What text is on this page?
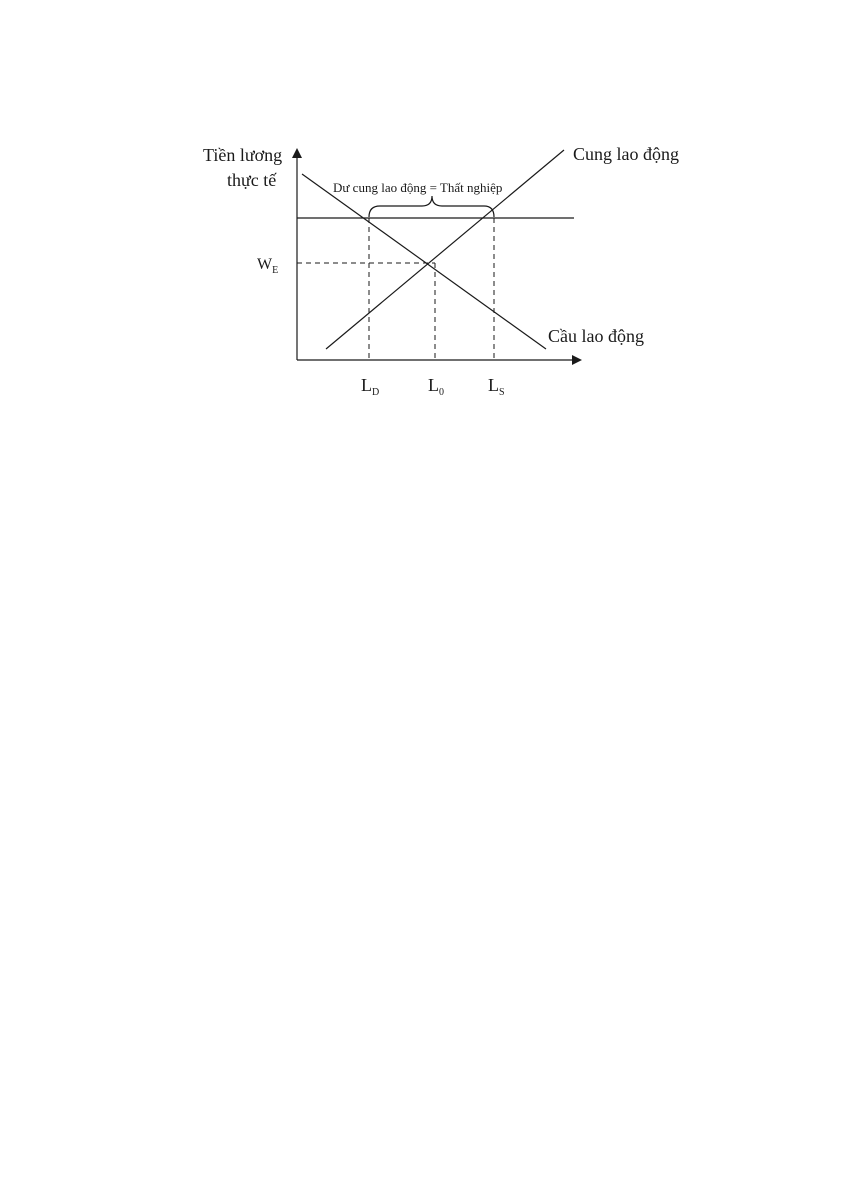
Tiền lương
thực tế
Cung lao động
Cầu lao động
Dư cung lao động = Thất nghiệp
$W_E$
$L_D$	$L_0$ $L_S$
